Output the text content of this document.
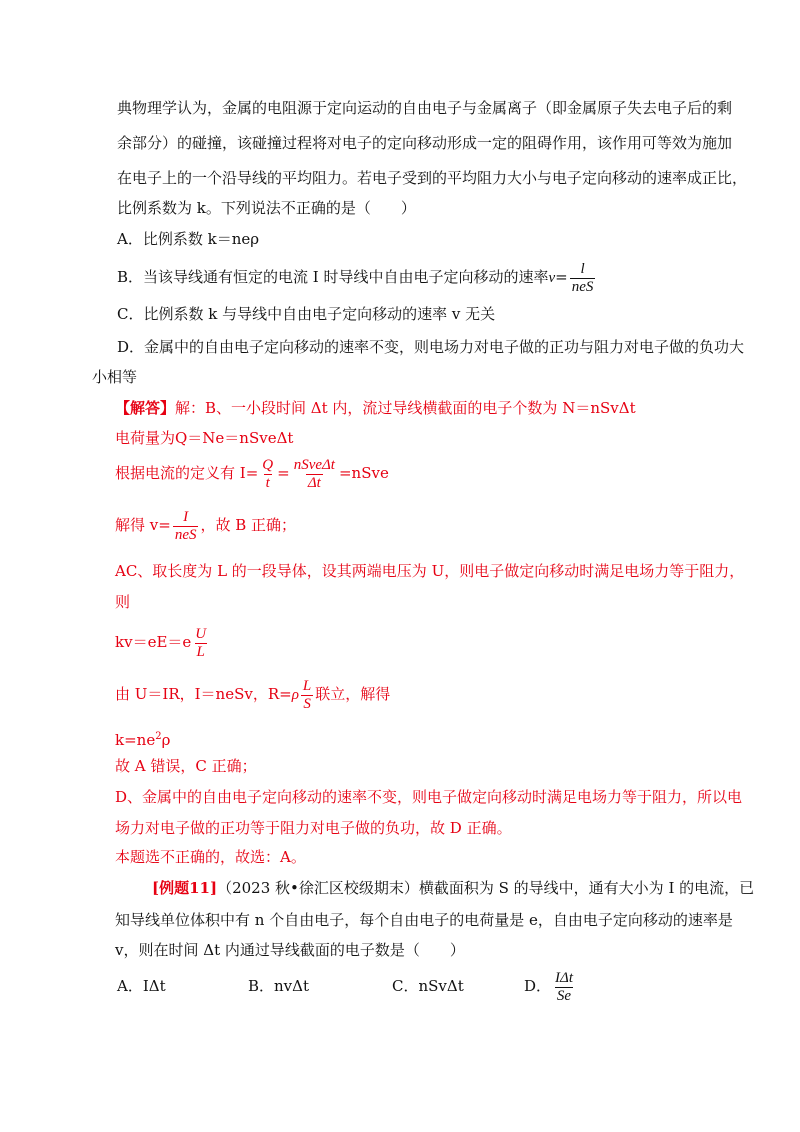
典物理学认为，金属的电阻源于定向运动的自由电子与金属离子（即金属原子失去电子后的剩
余部分）的碰撞，该碰撞过程将对电子的定向移动形成一定的阻碍作用，该作用可等效为施加
在电子上的一个沿导线的平均阻力。若电子受到的平均阻力大小与电子定向移动的速率成正比，
比例系数为 k。下列说法不正确的是（　　）
A．比例系数 k＝neρ
B．当该导线通有恒定的电流 I 时导线中自由电子定向移动的速率$v= \frac{l}{\text{neS}}$
C．比例系数 k 与导线中自由电子定向移动的速率 v 无关
D．金属中的自由电子定向移动的速率不变，则电场力对电子做的正功与阻力对电子做的负功大
小相等
【解答】解：B、一小段时间 Δt 内，流过导线横截面的电子个数为 N＝nSvΔt
电荷量为Q＝Ne＝nSveΔt
根据电流的定义有 $I= \frac{Q}{t} = \frac{\text{nSveΔt}}{\Delta t}$ =nSve
解得 $v= \frac{I}{\text{neS}}$ ，故 B 正确；
AC、取长度为 L 的一段导体，设其两端电压为 U，则电子做定向移动时满足电场力等于阻力，
则
$kv=eE=e \frac{U}{L}$
由 U＝IR，I＝neSv，$R=\rho \frac{L}{S}$ 联立，解得
$k=ne^2\rho$
故 A 错误，C 正确；
D、金属中的自由电子定向移动的速率不变，则电子做定向移动时满足电场力等于阻力，所以电
场力对电子做的正功等于阻力对电子做的负功，故 D 正确。
本题选不正确的，故选：A。
[例题11]（2023 秋•徐汇区校级期末）横截面积为 S 的导线中，通有大小为 I 的电流，已
知导线单位体积中有 n 个自由电子，每个自由电子的电荷量是 e，自由电子定向移动的速率是
v，则在时间 Δt 内通过导线截面的电子数是（　　）
A．IΔt	B．nvΔt	C．nSvΔt	D． $\frac{\text{IΔt}}{Se}$
